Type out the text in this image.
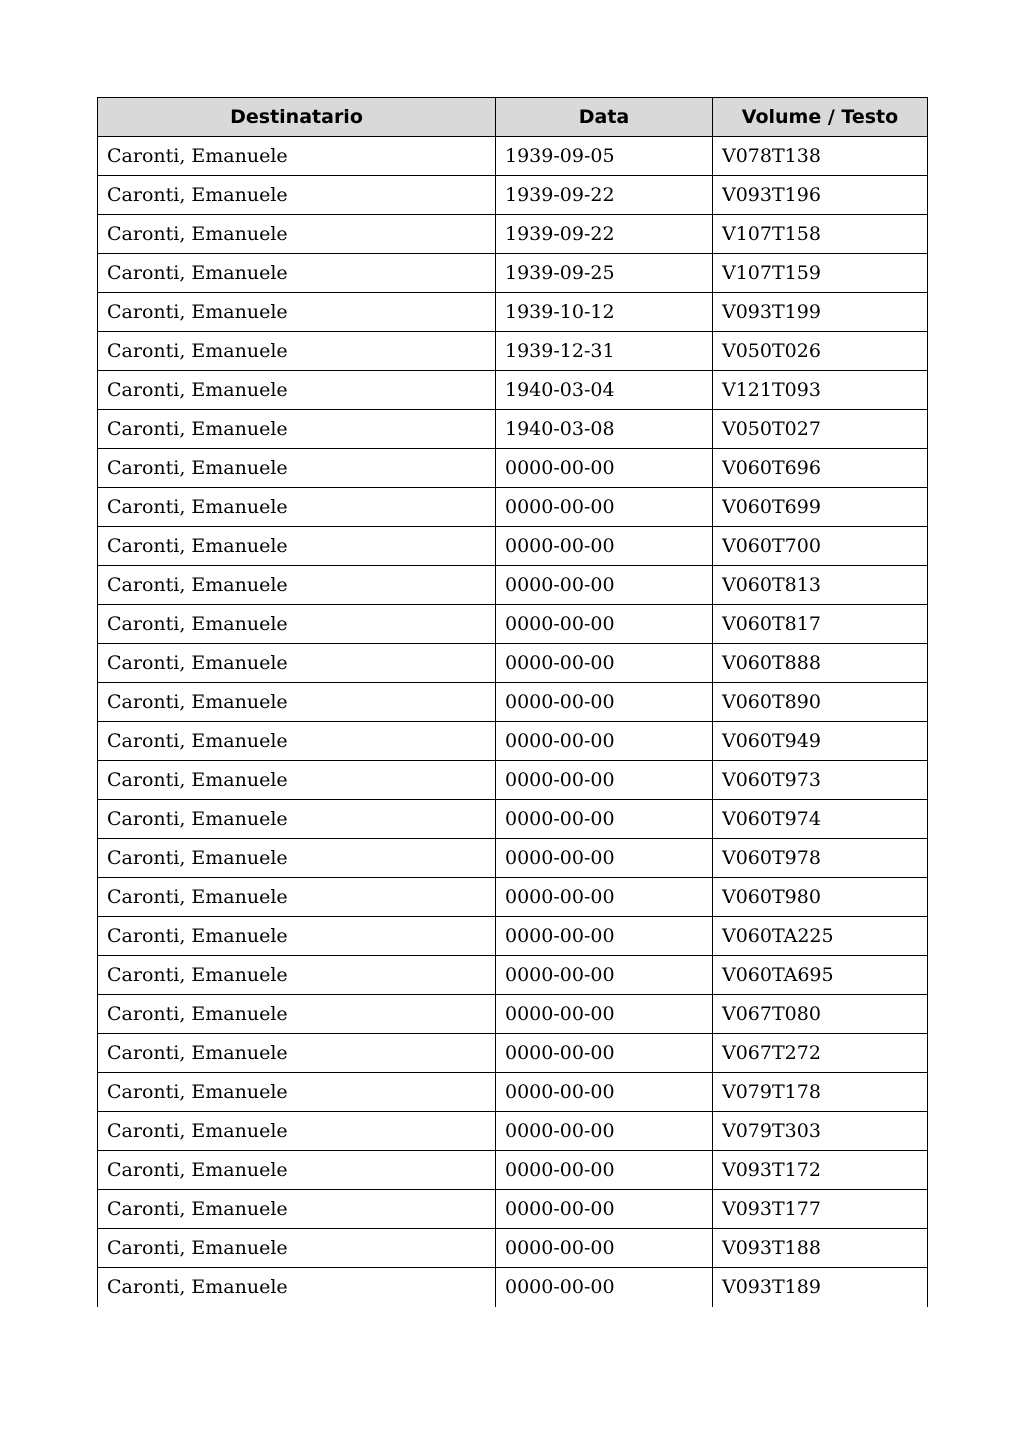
Destinatario	Data	Volume / Testo
Caronti, Emanuele	1939-09-05	V078T138
Caronti, Emanuele	1939-09-22	V093T196
Caronti, Emanuele	1939-09-22	V107T158
Caronti, Emanuele	1939-09-25	V107T159
Caronti, Emanuele	1939-10-12	V093T199
Caronti, Emanuele	1939-12-31	V050T026
Caronti, Emanuele	1940-03-04	V121T093
Caronti, Emanuele	1940-03-08	V050T027
Caronti, Emanuele	0000-00-00	V060T696
Caronti, Emanuele	0000-00-00	V060T699
Caronti, Emanuele	0000-00-00	V060T700
Caronti, Emanuele	0000-00-00	V060T813
Caronti, Emanuele	0000-00-00	V060T817
Caronti, Emanuele	0000-00-00	V060T888
Caronti, Emanuele	0000-00-00	V060T890
Caronti, Emanuele	0000-00-00	V060T949
Caronti, Emanuele	0000-00-00	V060T973
Caronti, Emanuele	0000-00-00	V060T974
Caronti, Emanuele	0000-00-00	V060T978
Caronti, Emanuele	0000-00-00	V060T980
Caronti, Emanuele	0000-00-00	V060TA225
Caronti, Emanuele	0000-00-00	V060TA695
Caronti, Emanuele	0000-00-00	V067T080
Caronti, Emanuele	0000-00-00	V067T272
Caronti, Emanuele	0000-00-00	V079T178
Caronti, Emanuele	0000-00-00	V079T303
Caronti, Emanuele	0000-00-00	V093T172
Caronti, Emanuele	0000-00-00	V093T177
Caronti, Emanuele	0000-00-00	V093T188
Caronti, Emanuele	0000-00-00	V093T189
